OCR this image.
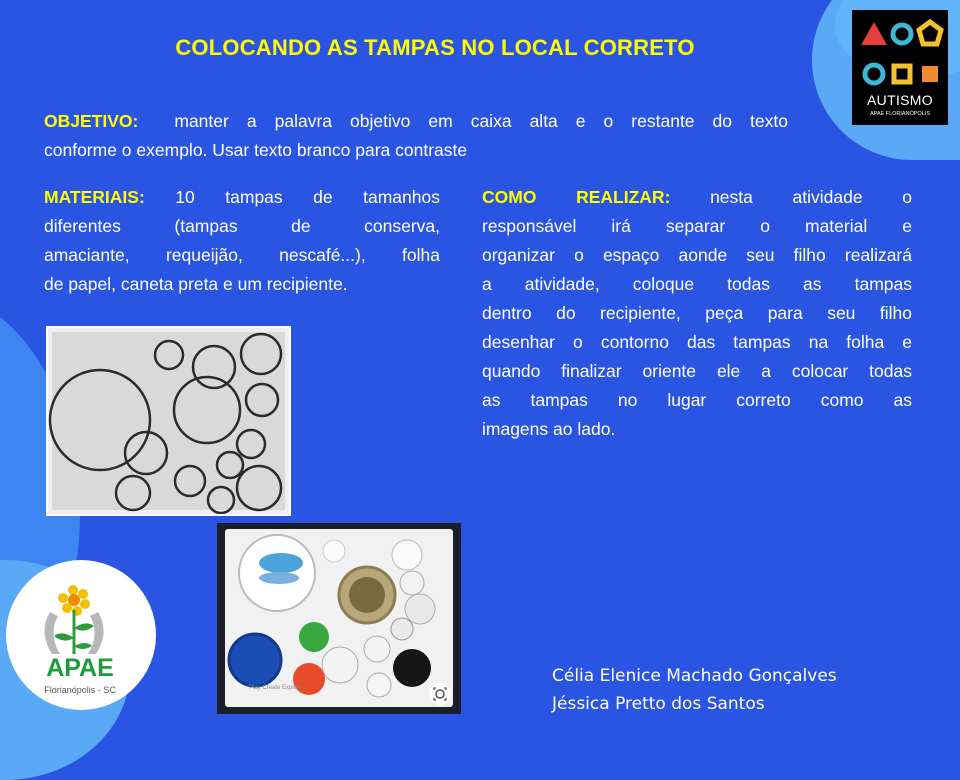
COLOCANDO AS TAMPAS NO LOCAL CORRETO
OBJETIVO: manter a palavra objetivo em caixa alta e o restante do texto
conforme o exemplo. Usar texto branco para contraste
MATERIAIS: 10 tampas de tamanhos
diferentes (tampas de conserva,
amaciante, requeijão, nescafé...), folha
de papel, caneta preta e um recipiente.
COMO REALIZAR: nesta atividade o
responsável irá separar o material e
organizar o espaço aonde seu filho realizará
a atividade, coloque todas as tampas
dentro do recipiente, peça para seu filho
desenhar o contorno das tampas na folha e
quando finalizar oriente ele a colocar todas
as tampas no lugar correto como as
imagens ao lado.
Play Create Explore
AUTISMO
APAE FLORIANÓPOLIS
APAE
Florianópolis - SC
Célia Elenice Machado Gonçalves
Jéssica Pretto dos Santos
